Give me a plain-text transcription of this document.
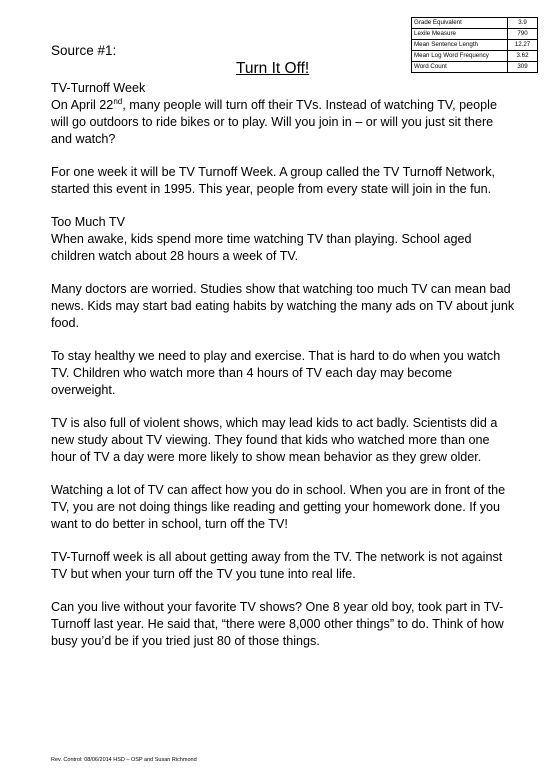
Source #1:
Turn It Off!
Grade Equivalent	3.9
Lexile Measure	790
Mean Sentence Length	12.27
Mean Log Word Frequency	3.62
Word Count	309

TV-Turnoff Week
On April 22nd, many people will turn off their TVs. Instead of watching TV, people will go outdoors to ride bikes or to play. Will you join in – or will you just sit there and watch?

For one week it will be TV Turnoff Week. A group called the TV Turnoff Network, started this event in 1995. This year, people from every state will join in the fun.

Too Much TV
When awake, kids spend more time watching TV than playing. School aged children watch about 28 hours a week of TV.

Many doctors are worried. Studies show that watching too much TV can mean bad news. Kids may start bad eating habits by watching the many ads on TV about junk food.

To stay healthy we need to play and exercise. That is hard to do when you watch TV. Children who watch more than 4 hours of TV each day may become overweight.

TV is also full of violent shows, which may lead kids to act badly. Scientists did a new study about TV viewing. They found that kids who watched more than one hour of TV a day were more likely to show mean behavior as they grew older.

Watching a lot of TV can affect how you do in school. When you are in front of the TV, you are not doing things like reading and getting your homework done. If you want to do better in school, turn off the TV!

TV-Turnoff week is all about getting away from the TV. The network is not against TV but when your turn off the TV you tune into real life.

Can you live without your favorite TV shows? One 8 year old boy, took part in TV-Turnoff last year. He said that, “there were 8,000 other things” to do. Think of how busy you’d be if you tried just 80 of those things.

Rev. Control: 08/06/2014 HSD – OSP and Susan Richmond
